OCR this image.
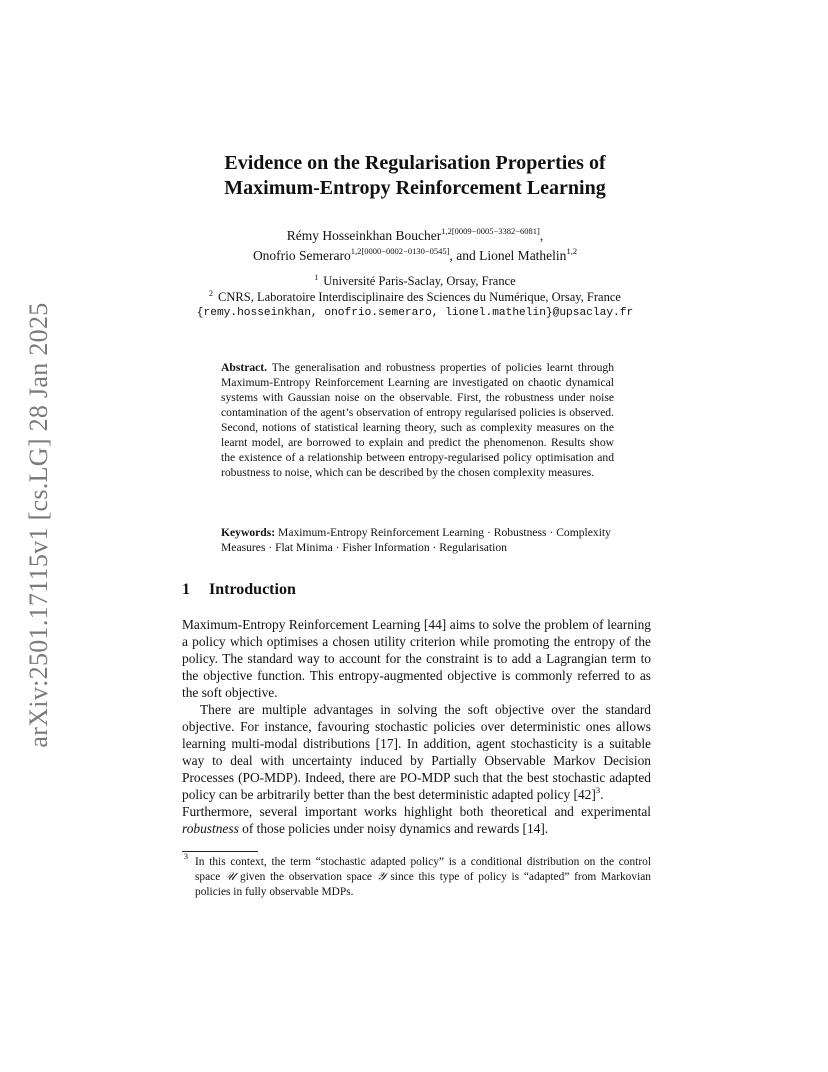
arXiv:2501.17115v1 [cs.LG] 28 Jan 2025
Evidence on the Regularisation Properties of
Maximum-Entropy Reinforcement Learning
Rémy Hosseinkhan Boucher$^{1,2[0009-0005-3382-6081]}$,
Onofrio Semeraro$^{1,2[0000-0002-0130-0545]}$, and Lionel Mathelin$^{1,2}$
$^1$ Université Paris-Saclay, Orsay, France
$^2$ CNRS, Laboratoire Interdisciplinaire des Sciences du Numérique, Orsay, France
{remy.hosseinkhan, onofrio.semeraro, lionel.mathelin}@upsaclay.fr
Abstract. The generalisation and robustness properties of policies learnt through Maximum-Entropy Reinforcement Learning are investigated on chaotic dynamical systems with Gaussian noise on the observable. First, the robustness under noise contamination of the agent’s observation of entropy regularised policies is observed. Second, notions of statistical learning theory, such as complexity measures on the learnt model, are borrowed to explain and predict the phenomenon. Results show the existence of a relationship between entropy-regularised policy optimisation and robustness to noise, which can be described by the chosen complexity measures.
Keywords: Maximum-Entropy Reinforcement Learning · Robustness · Complexity Measures · Flat Minima · Fisher Information · Regularisation
1 Introduction

Maximum-Entropy Reinforcement Learning [44] aims to solve the problem of learning a policy which optimises a chosen utility criterion while promoting the entropy of the policy. The standard way to account for the constraint is to add a Lagrangian term to the objective function. This entropy-augmented objective is commonly referred to as the soft objective.

There are multiple advantages in solving the soft objective over the standard objective. For instance, favouring stochastic policies over deterministic ones allows learning multi-modal distributions [17]. In addition, agent stochasticity is a suitable way to deal with uncertainty induced by Partially Observable Markov Decision Processes (PO-MDP). Indeed, there are PO-MDP such that the best stochastic adapted policy can be arbitrarily better than the best deterministic adapted policy $[42]^3$.

Furthermore, several important works highlight both theoretical and experimental robustness of those policies under noisy dynamics and rewards [14].

3 In this context, the term “stochastic adapted policy” is a conditional distribution on the control space 𝒰 given the observation space 𝒴 since this type of policy is “adapted” from Markovian policies in fully observable MDPs.
